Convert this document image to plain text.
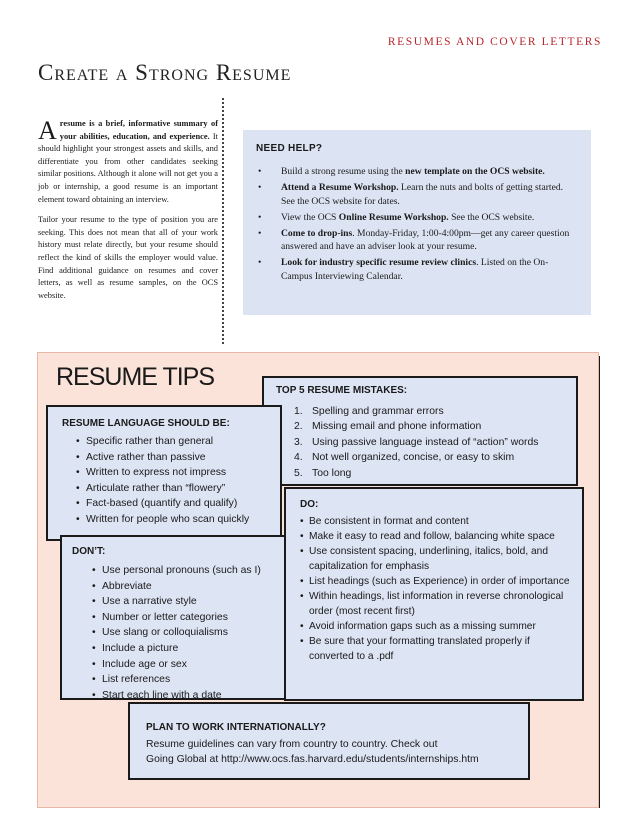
RESUMES AND COVER LETTERS
Create a Strong Resume

Aresume is a brief, informative summary of your abilities, education, and experience. It should highlight your strongest assets and skills, and differentiate you from other candidates seeking similar positions. Although it alone will not get you a job or internship, a good resume is an important element toward obtaining an interview.

Tailor your resume to the type of position you are seeking. This does not mean that all of your work history must relate directly, but your resume should reflect the kind of skills the employer would value. Find additional guidance on resumes and cover letters, as well as resume samples, on the OCS website.

NEED HELP?
• Build a strong resume using the new template on the OCS website.
• Attend a Resume Workshop. Learn the nuts and bolts of getting started. See the OCS website for dates.
• View the OCS Online Resume Workshop. See the OCS website.
• Come to drop-ins. Monday-Friday, 1:00-4:00pm—get any career question answered and have an adviser look at your resume.
• Look for industry specific resume review clinics. Listed on the On-Campus Interviewing Calendar.
RESUME TIPS	TOP 5 RESUME MISTAKES:
1. Spelling and grammar errors
2. Missing email and phone information
3. Using passive language instead of “action” words
4. Not well organized, concise, or easy to skim
5. Too long
RESUME LANGUAGE SHOULD BE:
• Specific rather than general
• Active rather than passive
• Written to express not impress
• Articulate rather than “flowery”
• Fact-based (quantify and qualify)
• Written for people who scan quickly
DO:
• Be consistent in format and content
• Make it easy to read and follow, balancing white space
• Use consistent spacing, underlining, italics, bold, and capitalization for emphasis
• List headings (such as Experience) in order of importance
• Within headings, list information in reverse chronological order (most recent first)
• Avoid information gaps such as a missing summer
• Be sure that your formatting translated properly if converted to a .pdf
DON’T:
• Use personal pronouns (such as I)
• Abbreviate
• Use a narrative style
• Number or letter categories
• Use slang or colloquialisms
• Include a picture
• Include age or sex
• List references
• Start each line with a date
PLAN TO WORK INTERNATIONALLY?
Resume guidelines can vary from country to country. Check out
Going Global at http://www.ocs.fas.harvard.edu/students/internships.htm
